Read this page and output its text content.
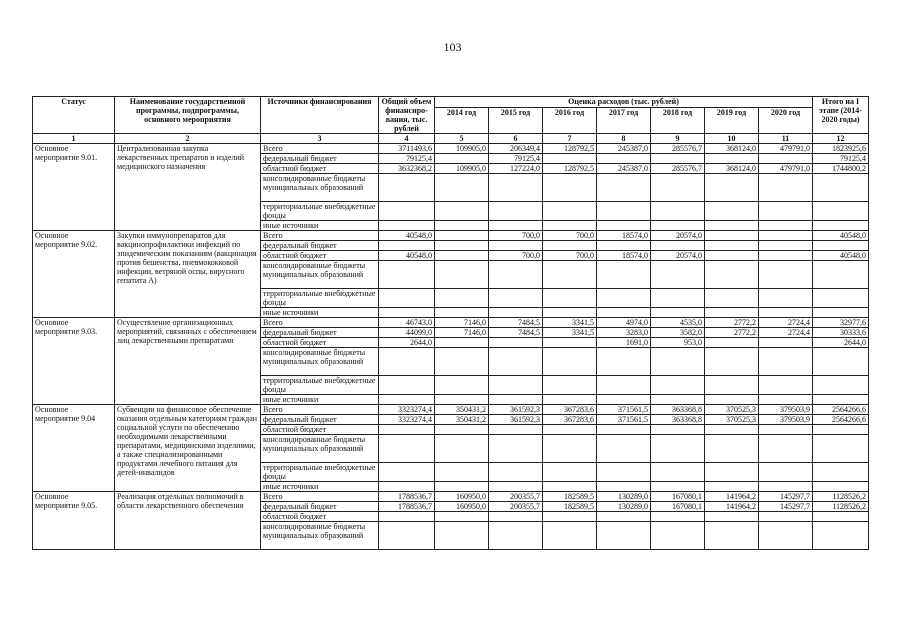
103
Статус	Наименование государственной программы, подпрограммы, основного мероприятия	Источники финансирования	Общий объем финансиро-вания, тыс. рублей	Оценка расходов (тыс. рублей)							Итого на I этапе (2014-2020 годы)
				2014 год	2015 год	2016 год	2017 год	2018 год	2019 год	2020 год	
1	2	3	4	5	6	7	8	9	10	11	12
Основное мероприятие 9.01.	Централизованная закупка лекарственных препаратов и изделий медицинского назначения	Всего	3711493,6	109905,0	206349,4	128792,5	245387,0	285576,7	368124,0	479791,0	1823925,6
		федеральный бюджет	79125,4		79125,4						79125,4
		областной бюджет	3632368,2	109905,0	127224,0	128792,5	245387,0	285576,7	368124,0	479791,0	1744800,2
		консолидированные бюджеты муниципальных образований									
		территориальные внебюджетные фонды									
		иные источники									
Основное мероприятие 9.02.	Закупки иммунопрепаратов для вакцинопрофилактики инфекций по эпидемическим показаниям (вакцинация против бешенства, пневмококковой инфекции, ветряной оспы, вирусного гепатита А)	Всего	40548,0		700,0	700,0	18574,0	20574,0			40548,0
		федеральный бюджет									
		областной бюджет	40548,0		700,0	700,0	18574,0	20574,0			40548,0
		консолидированные бюджеты муниципальных образований									
		территориальные внебюджетные фонды									
		иные источники									
Основное мероприятие 9.03.	Осуществление организационных мероприятий, связанных с обеспечением лиц лекарственными препаратами	Всего	46743,0	7146,0	7484,5	3341,5	4974,0	4535,0	2772,2	2724,4	32977,6
		федеральный бюджет	44099,0	7146,0	7484,5	3341,5	3283,0	3582,0	2772,2	2724,4	30333,6
		областной бюджет	2644,0				1691,0	953,0			2644,0
		консолидированные бюджеты муниципальных образований									
		территориальные внебюджетные фонды									
		иные источники									
Основное мероприятие 9.04	Субвенции на финансовое обеспечение оказания отдельным категориям граждан социальной услуги по обеспечению необходимыми лекарственными препаратами, медицинскими изделиями, а также специализированными продуктами лечебного питания для детей-инвалидов	Всего	3323274,4	350431,2	361592,3	367283,6	371561,5	363368,8	370525,3	379503,9	2564266,6
		федеральный бюджет	3323274,4	350431,2	361592,3	367283,6	371561,5	363368,8	370525,3	379503,9	2564266,6
		областной бюджет									
		консолидированные бюджеты муниципальных образований									
		территориальные внебюджетные фонды									
		иные источники									
Основное мероприятие 9.05.	Реализация отдельных полномочий в области лекарственного обеспечения	Всего	1788536,7	160950,0	200355,7	182589,5	130289,0	167080,1	141964,2	145297,7	1128526,2
		федеральный бюджет	1788536,7	160950,0	200355,7	182589,5	130289,0	167080,1	141964,2	145297,7	1128526,2
		областной бюджет									
		консолидированные бюджеты муниципальных образований									
